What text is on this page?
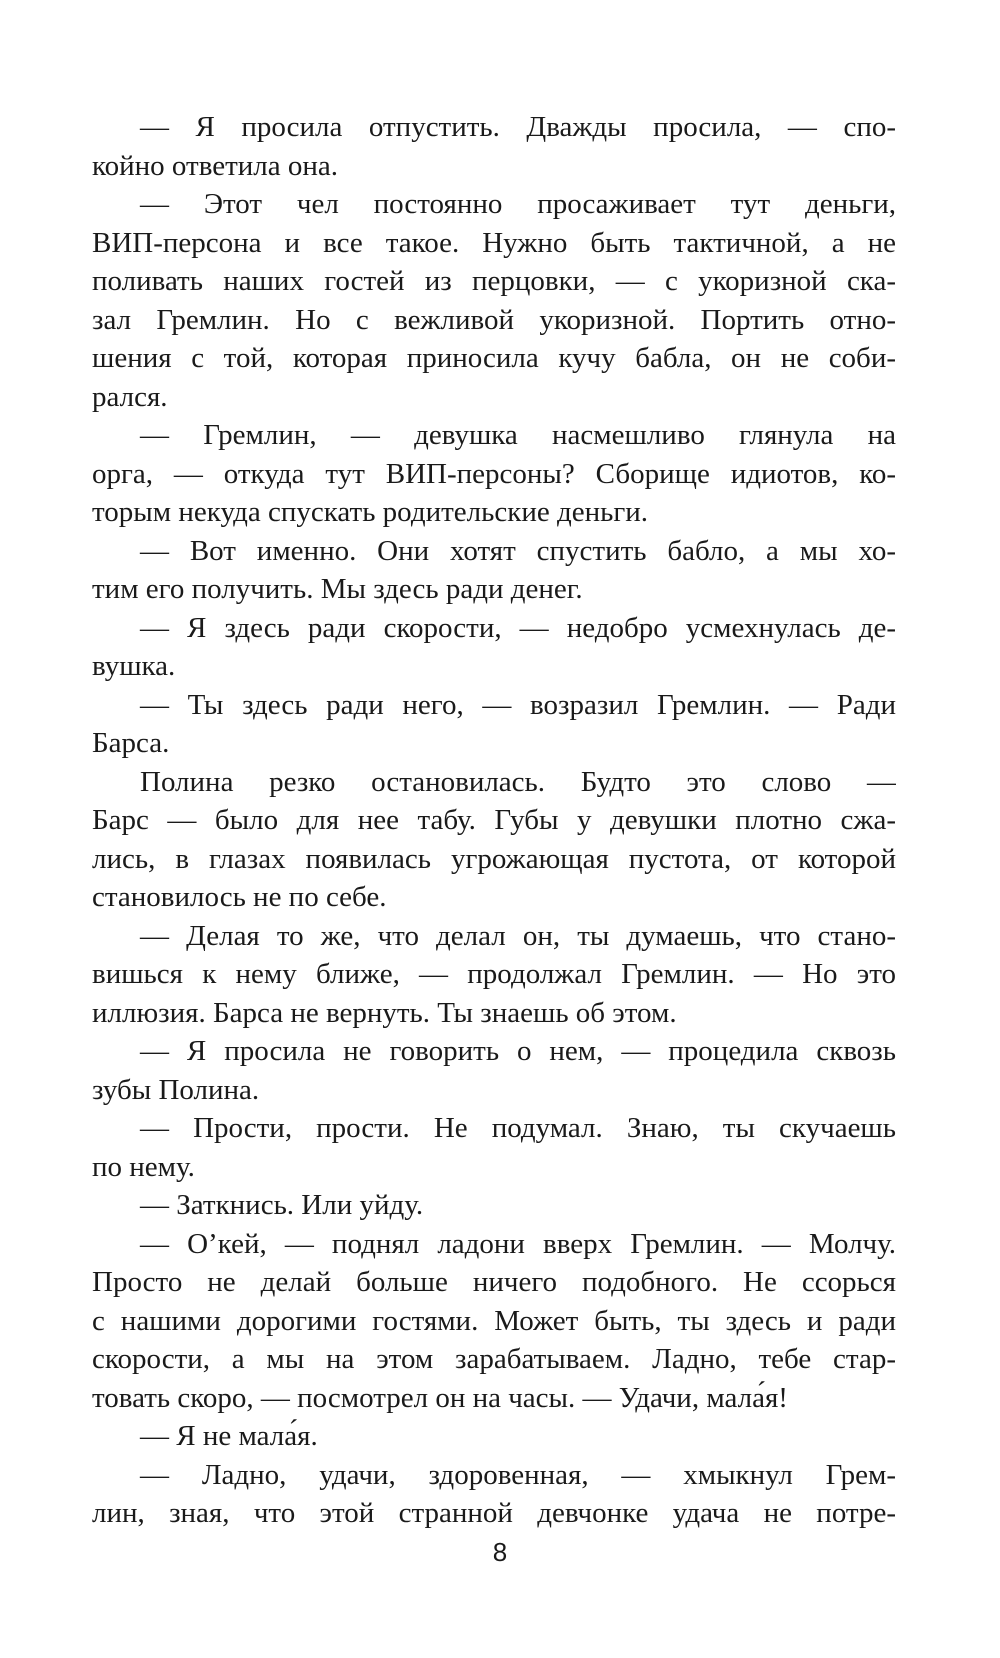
— Я просила отпустить. Дважды просила, — спо-
койно ответила она.
— Этот чел постоянно просаживает тут деньги,
ВИП-персона и все такое. Нужно быть тактичной, а не
поливать наших гостей из перцовки, — с укоризной ска-
зал Гремлин. Но с вежливой укоризной. Портить отно-
шения с той, которая приносила кучу бабла, он не соби-
рался.
— Гремлин, — девушка насмешливо глянула на
орга, — откуда тут ВИП-персоны? Сборище идиотов, ко-
торым некуда спускать родительские деньги.
— Вот именно. Они хотят спустить бабло, а мы хо-
тим его получить. Мы здесь ради денег.
— Я здесь ради скорости, — недобро усмехнулась де-
вушка.
— Ты здесь ради него, — возразил Гремлин. — Ради
Барса.
Полина резко остановилась. Будто это слово —
Барс — было для нее табу. Губы у девушки плотно сжа-
лись, в глазах появилась угрожающая пустота, от которой
становилось не по себе.
— Делая то же, что делал он, ты думаешь, что стано-
вишься к нему ближе, — продолжал Гремлин. — Но это
иллюзия. Барса не вернуть. Ты знаешь об этом.
— Я просила не говорить о нем, — процедила сквозь
зубы Полина.
— Прости, прости. Не подумал. Знаю, ты скучаешь
по нему.
— Заткнись. Или уйду.
— О’кей, — поднял ладони вверх Гремлин. — Молчу.
Просто не делай больше ничего подобного. Не ссорься
с нашими дорогими гостями. Может быть, ты здесь и ради
скорости, а мы на этом зарабатываем. Ладно, тебе стар-
товать скоро, — посмотрел он на часы. — Удачи, мала́я!
— Я не мала́я.
— Ладно, удачи, здоровенная, — хмыкнул Грем-
лин, зная, что этой странной девчонке удача не потре-
8
